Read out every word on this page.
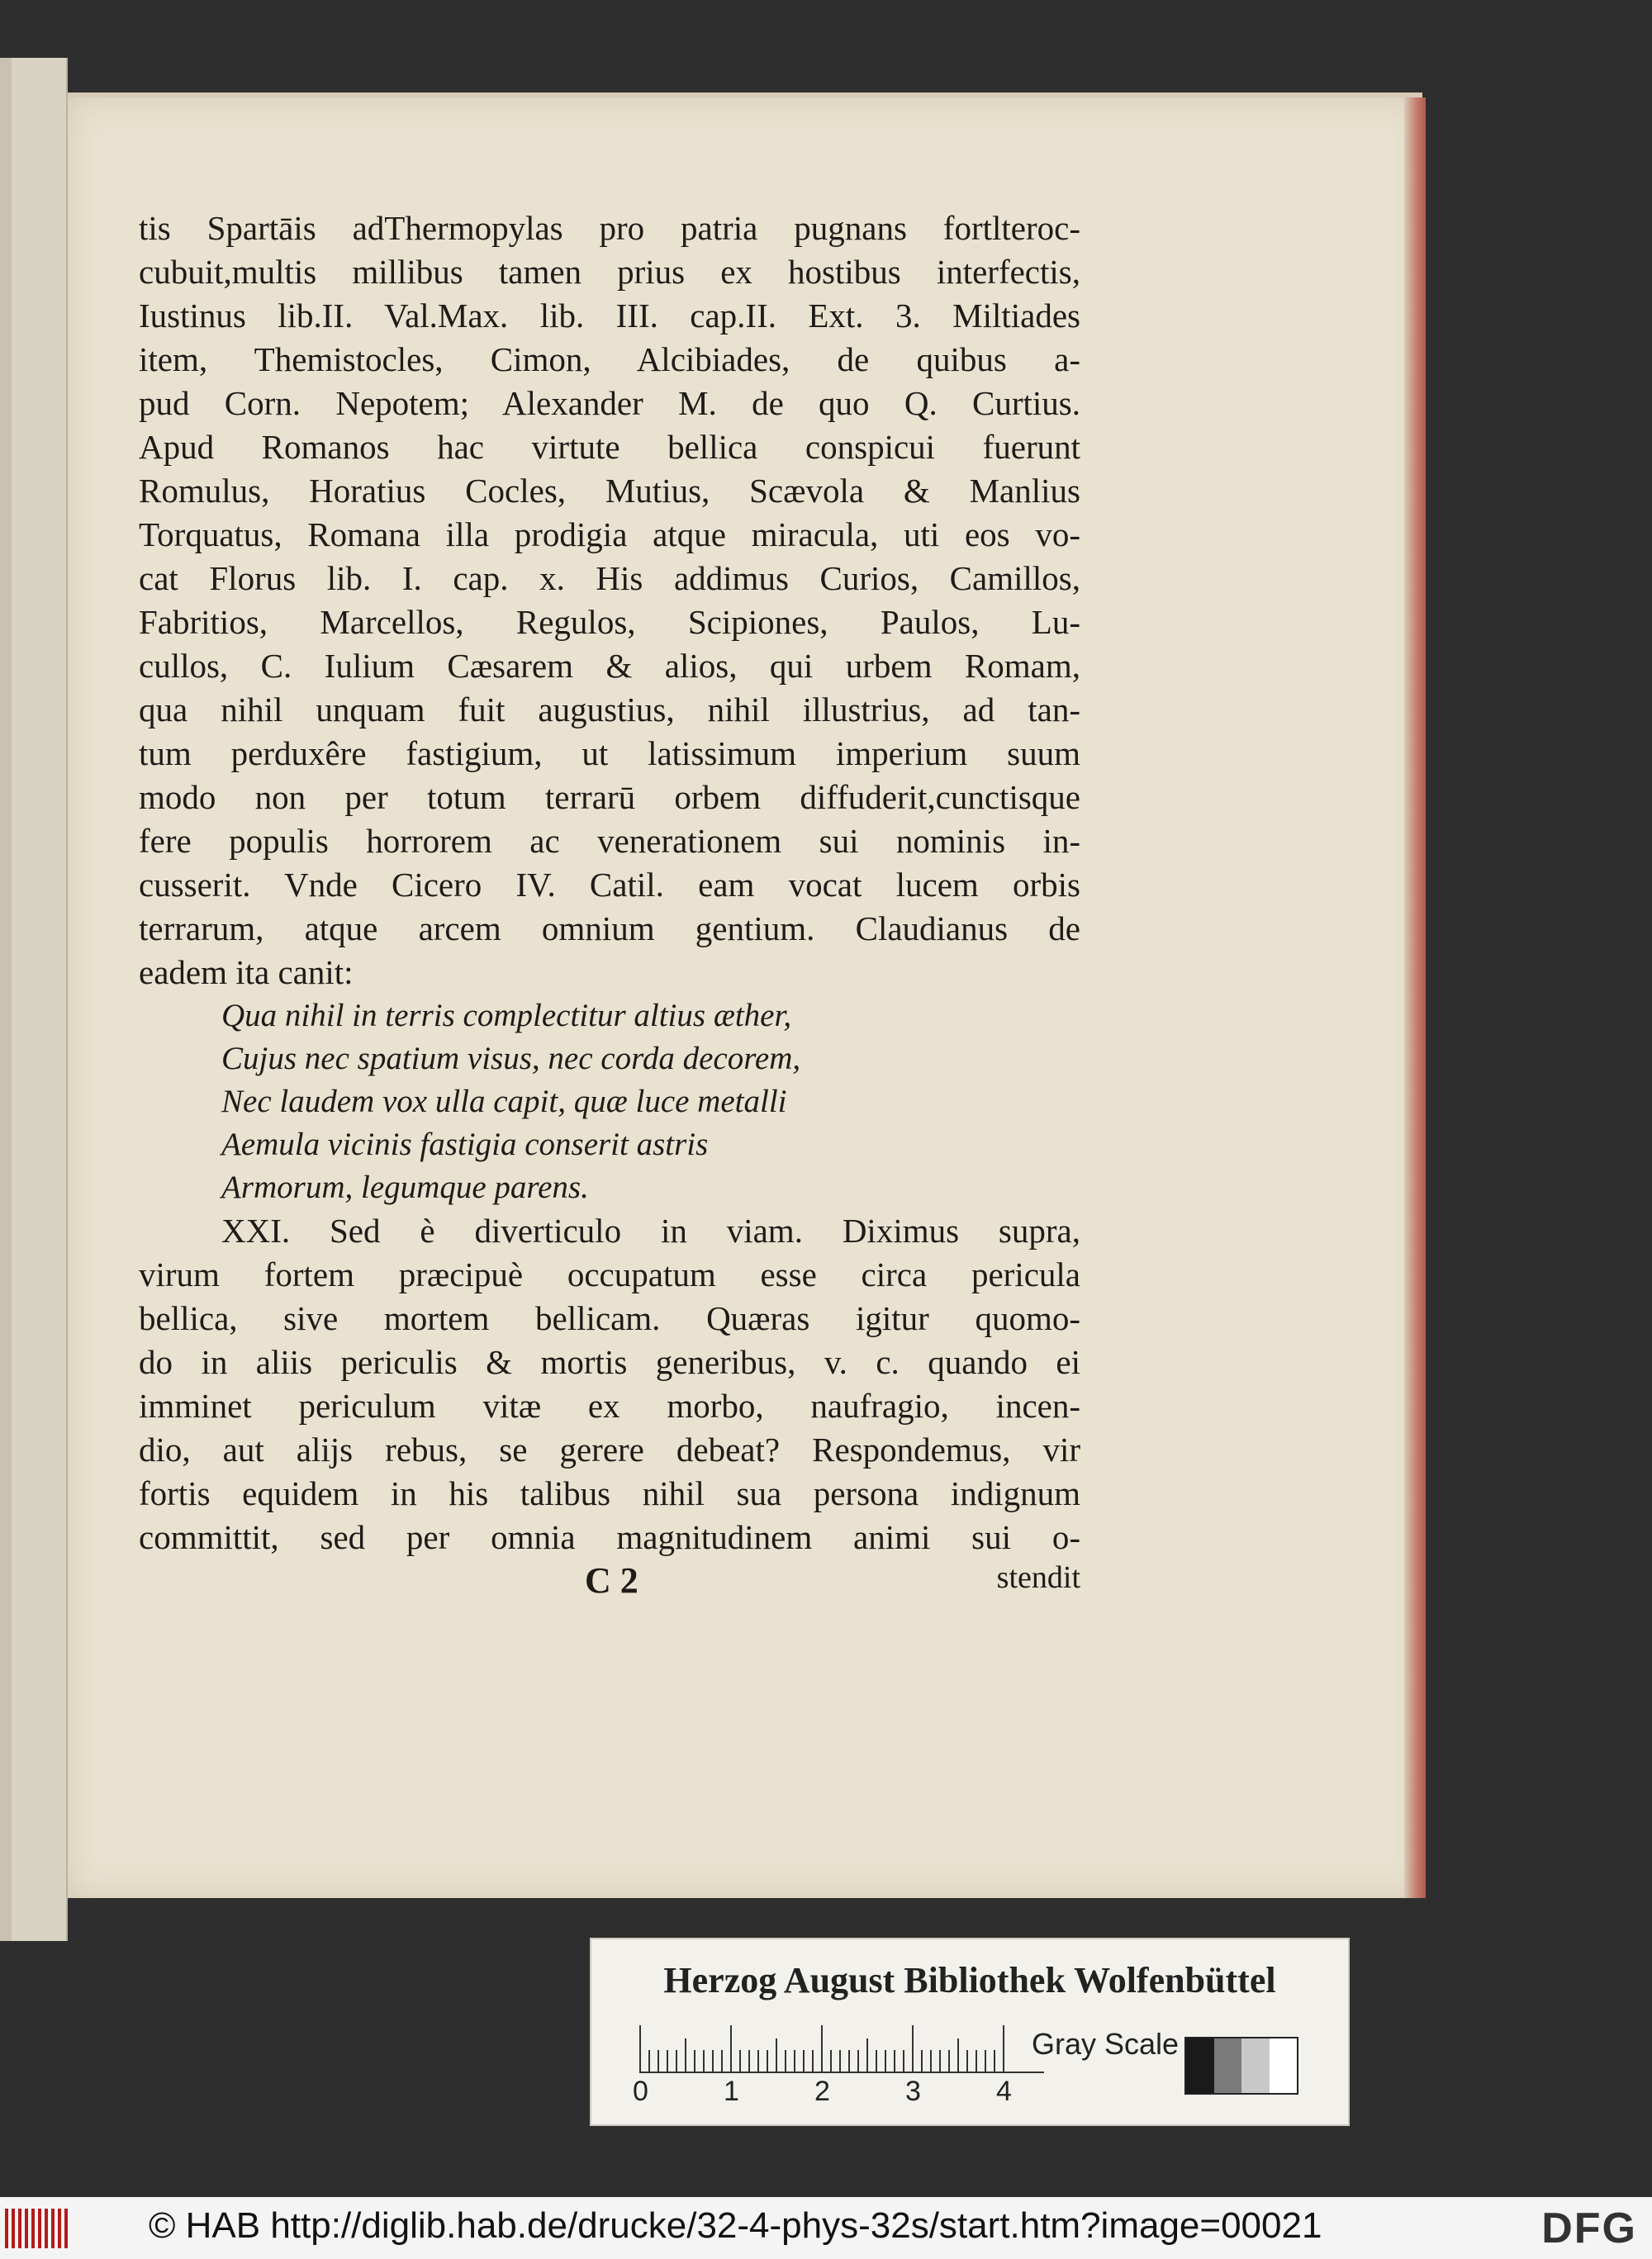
tis Spartāis adThermopylas pro patria pugnans fortlteroc-
cubuit,multis millibus tamen prius ex hostibus interfectis,
Iustinus lib.II. Val.Max. lib. III. cap.II. Ext. 3. Miltiades
item, Themistocles, Cimon, Alcibiades, de quibus a-
pud Corn. Nepotem; Alexander M. de quo Q. Curtius.
Apud Romanos hac virtute bellica conspicui fuerunt
Romulus, Horatius Cocles, Mutius, Scævola & Manlius
Torquatus, Romana illa prodigia atque miracula, uti eos vo-
cat Florus lib. I. cap. x. His addimus Curios, Camillos,
Fabritios, Marcellos, Regulos, Scipiones, Paulos, Lu-
cullos, C. Iulium Cæsarem & alios, qui urbem Romam,
qua nihil unquam fuit augustius, nihil illustrius, ad tan-
tum perduxêre fastigium, ut latissimum imperium suum
modo non per totum terrarū orbem diffuderit,cunctisque
fere populis horrorem ac venerationem sui nominis in-
cusserit. Vnde Cicero IV. Catil. eam vocat lucem orbis
terrarum, atque arcem omnium gentium. Claudianus de
eadem ita canit:
Qua nihil in terris complectitur altius æther,
Cujus nec spatium visus, nec corda decorem,
Nec laudem vox ulla capit, quæ luce metalli
Aemula vicinis fastigia conserit astris
Armorum, legumque parens.
XXI. Sed è diverticulo in viam. Diximus supra,
virum fortem præcipuè occupatum esse circa pericula
bellica, sive mortem bellicam. Quæras igitur quomo-
do in aliis periculis & mortis generibus, v. c. quando ei
imminet periculum vitæ ex morbo, naufragio, incen-
dio, aut alijs rebus, se gerere debeat? Respondemus, vir
fortis equidem in his talibus nihil sua persona indignum
committit, sed per omnia magnitudinem animi sui o-
C 2	stendit
Herzog August Bibliothek Wolfenbüttel
0	1	2	3	4
Gray Scale
© HAB http://diglib.hab.de/drucke/32-4-phys-32s/start.htm?image=00021	DFG
